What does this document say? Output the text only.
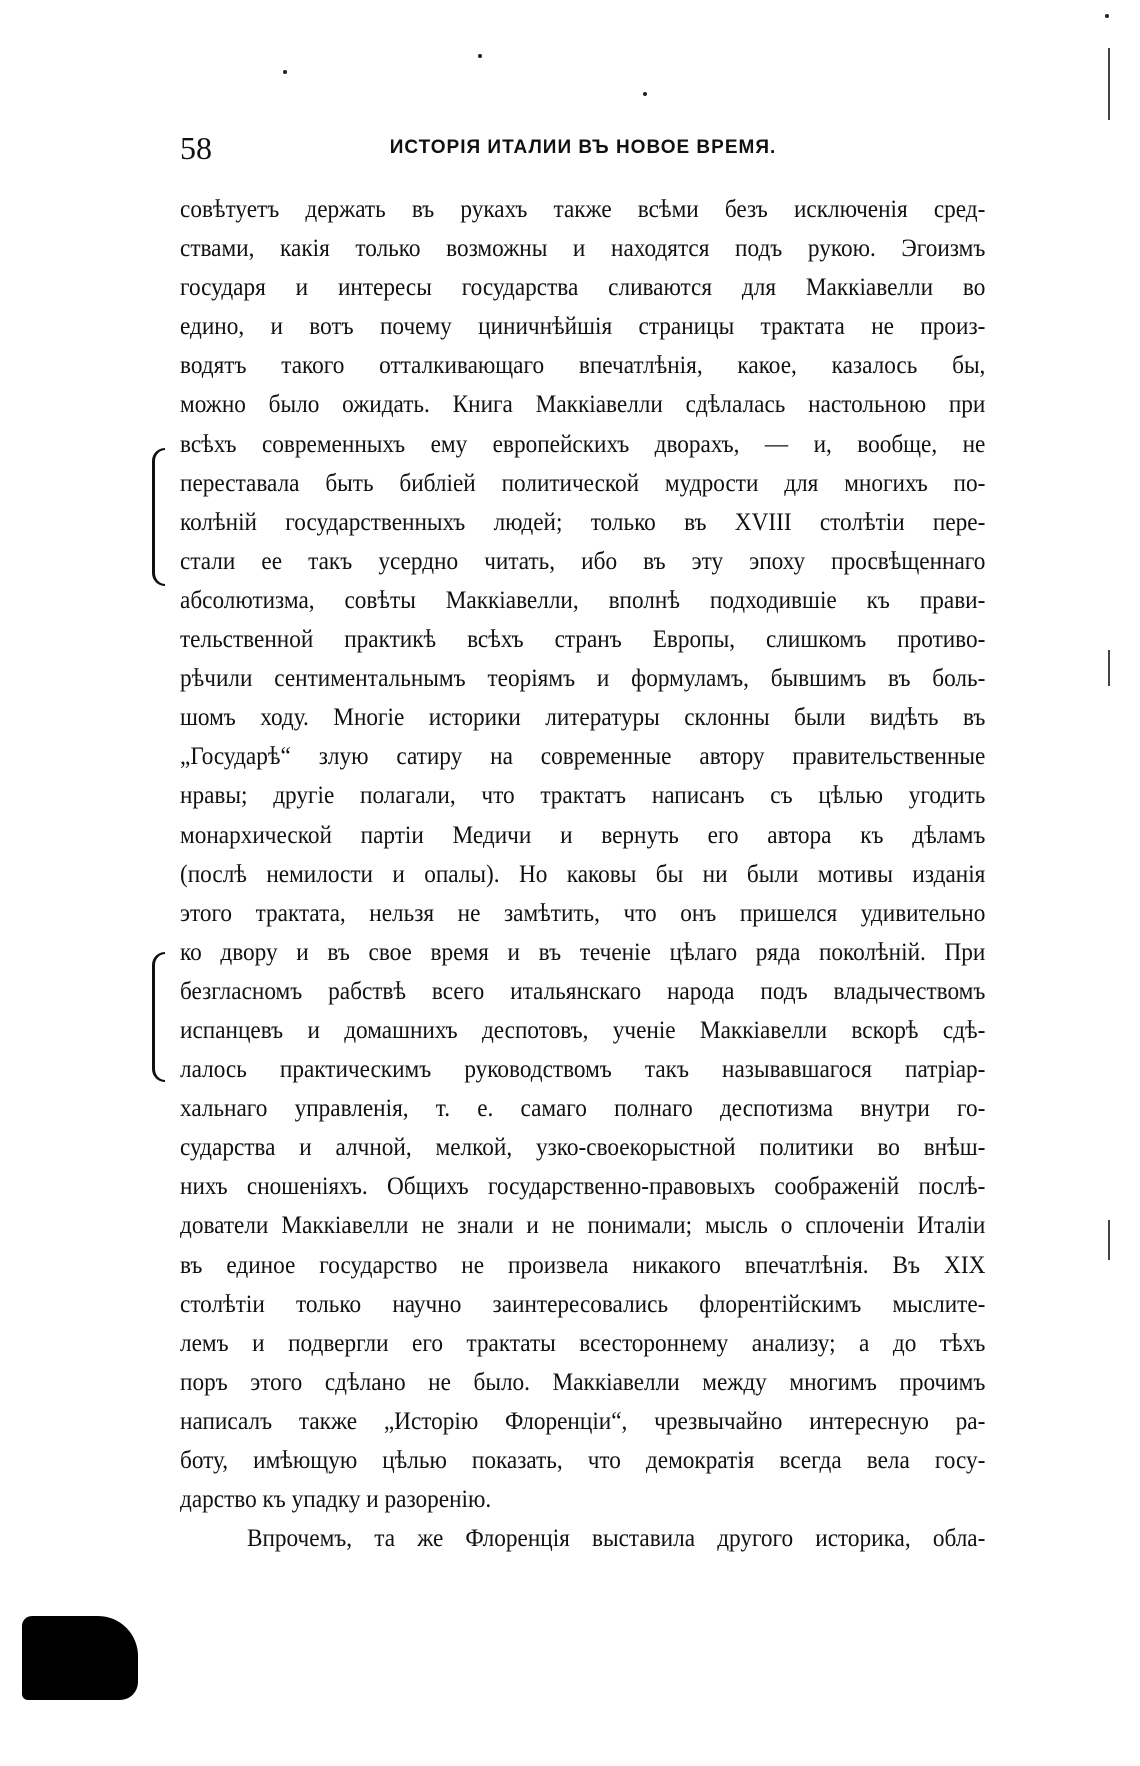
58	ИСТОРІЯ ИТАЛИИ ВЪ НОВОЕ ВРЕМЯ.
совѣтуетъ держать въ рукахъ также всѣми безъ исключенія сред-
ствами, какія только возможны и находятся подъ рукою. Эгоизмъ
государя и интересы государства сливаются для Маккіавелли во
едино, и вотъ почему циничнѣйшія страницы трактата не произ-
водятъ такого отталкивающаго впечатлѣнія, какое, казалось бы,
можно было ожидать. Книга Маккіавелли сдѣлалась настольною при
всѣхъ современныхъ ему европейскихъ дворахъ, — и, вообще, не
переставала быть библіей политической мудрости для многихъ по-
колѣній государственныхъ людей; только въ XVIII столѣтіи пере-
стали ее такъ усердно читать, ибо въ эту эпоху просвѣщеннаго
абсолютизма, совѣты Маккіавелли, вполнѣ подходившіе къ прави-
тельственной практикѣ всѣхъ странъ Европы, слишкомъ противо-
рѣчили сентиментальнымъ теоріямъ и формуламъ, бывшимъ въ боль-
шомъ ходу. Многіе историки литературы склонны были видѣть въ
„Государѣ“ злую сатиру на современные автору правительственные
нравы; другіе полагали, что трактатъ написанъ съ цѣлью угодить
монархической партіи Медичи и вернуть его автора къ дѣламъ
(послѣ немилости и опалы). Но каковы бы ни были мотивы изданія
этого трактата, нельзя не замѣтить, что онъ пришелся удивительно
ко двору и въ свое время и въ теченіе цѣлаго ряда поколѣній. При
безгласномъ рабствѣ всего итальянскаго народа подъ владычествомъ
испанцевъ и домашнихъ деспотовъ, ученіе Маккіавелли вскорѣ сдѣ-
лалось практическимъ руководствомъ такъ называвшагося патріар-
хальнаго управленія, т. е. самаго полнаго деспотизма внутри го-
сударства и алчной, мелкой, узко-своекорыстной политики во внѣш-
нихъ сношеніяхъ. Общихъ государственно-правовыхъ соображеній послѣ-
дователи Маккіавелли не знали и не понимали; мысль о сплоченіи Италіи
въ единое государство не произвела никакого впечатлѣнія. Въ XIX
столѣтіи только научно заинтересовались флорентійскимъ мыслите-
лемъ и подвергли его трактаты всестороннему анализу; а до тѣхъ
поръ этого сдѣлано не было. Маккіавелли между многимъ прочимъ
написалъ также „Исторію Флоренціи“, чрезвычайно интересную ра-
боту, имѣющую цѣлью показать, что демократія всегда вела госу-
дарство къ упадку и разоренію.
Впрочемъ, та же Флоренція выставила другого историка, обла-
